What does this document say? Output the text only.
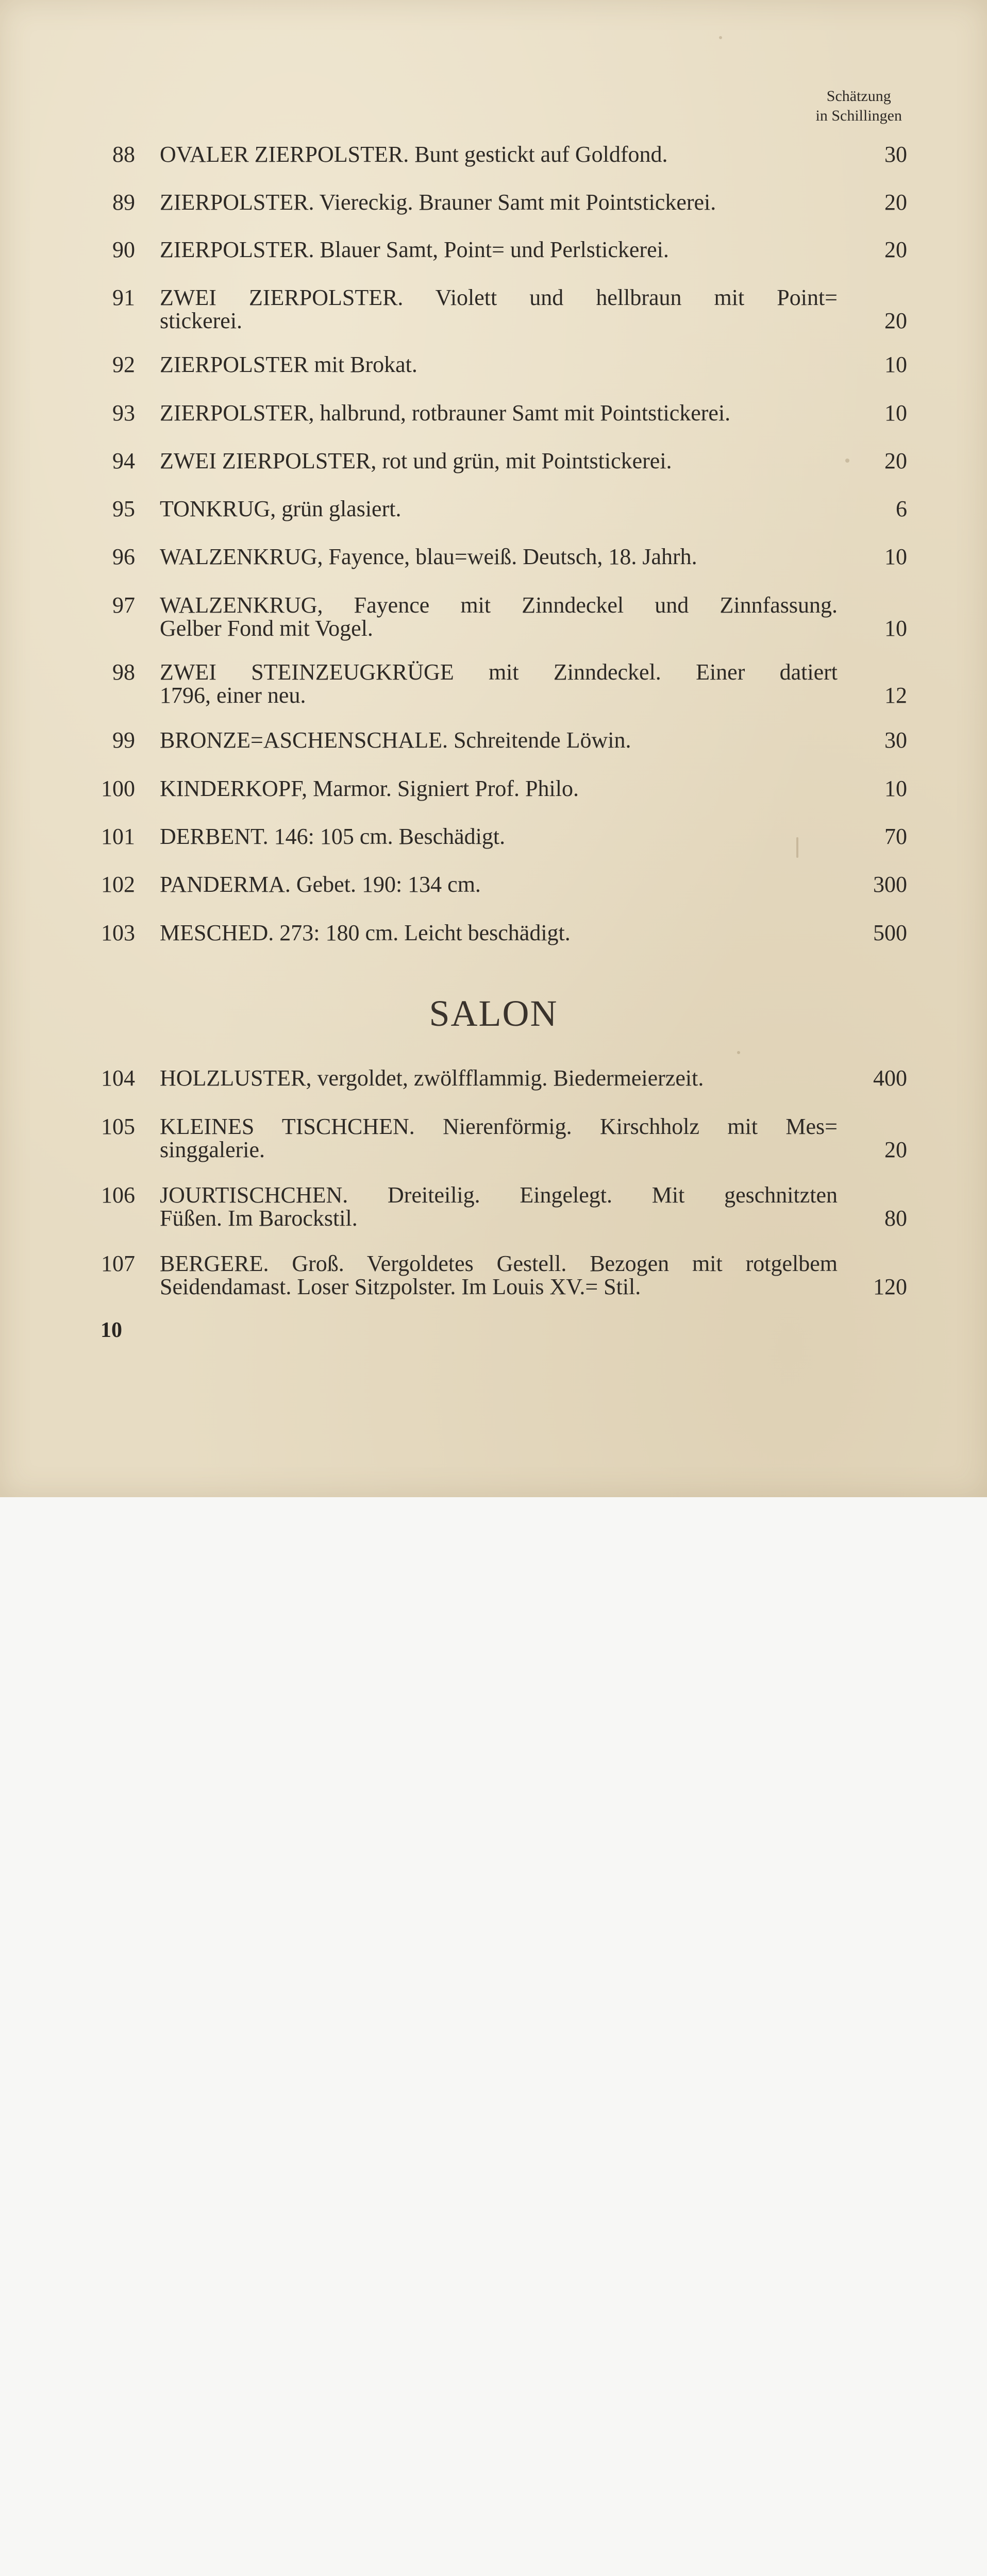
Schätzung
in Schillingen
88 OVALER ZIERPOLSTER. Bunt gestickt auf Goldfond.	30
89 ZIERPOLSTER. Viereckig. Brauner Samt mit Pointstickerei.	20
90 ZIERPOLSTER. Blauer Samt, Point= und Perlstickerei.	20
91 ZWEI ZIERPOLSTER. Violett und hellbraun mit Point=
stickerei.	20
92 ZIERPOLSTER mit Brokat.	10
93 ZIERPOLSTER, halbrund, rotbrauner Samt mit Pointstickerei.	10
94 ZWEI ZIERPOLSTER, rot und grün, mit Pointstickerei.	20
95 TONKRUG, grün glasiert.	6
96 WALZENKRUG, Fayence, blau=weiß. Deutsch, 18. Jahrh.	10
97 WALZENKRUG, Fayence mit Zinndeckel und Zinnfassung.
Gelber Fond mit Vogel.	10
98 ZWEI STEINZEUGKRÜGE mit Zinndeckel. Einer datiert
1796, einer neu.	12
99 BRONZE=ASCHENSCHALE. Schreitende Löwin.	30
100 KINDERKOPF, Marmor. Signiert Prof. Philo.	10
101 DERBENT. 146: 105 cm. Beschädigt.	70
102 PANDERMA. Gebet. 190: 134 cm.	300
103 MESCHED. 273: 180 cm. Leicht beschädigt.	500
SALON
104 HOLZLUSTER, vergoldet, zwölfflammig. Biedermeierzeit.	400
105 KLEINES TISCHCHEN. Nierenförmig. Kirschholz mit Mes=
singgalerie.	20
106 JOURTISCHCHEN. Dreiteilig. Eingelegt. Mit geschnitzten
Füßen. Im Barockstil.	80
107 BERGERE. Groß. Vergoldetes Gestell. Bezogen mit rotgelbem
Seidendamast. Loser Sitzpolster. Im Louis XV.= Stil.	120
10
